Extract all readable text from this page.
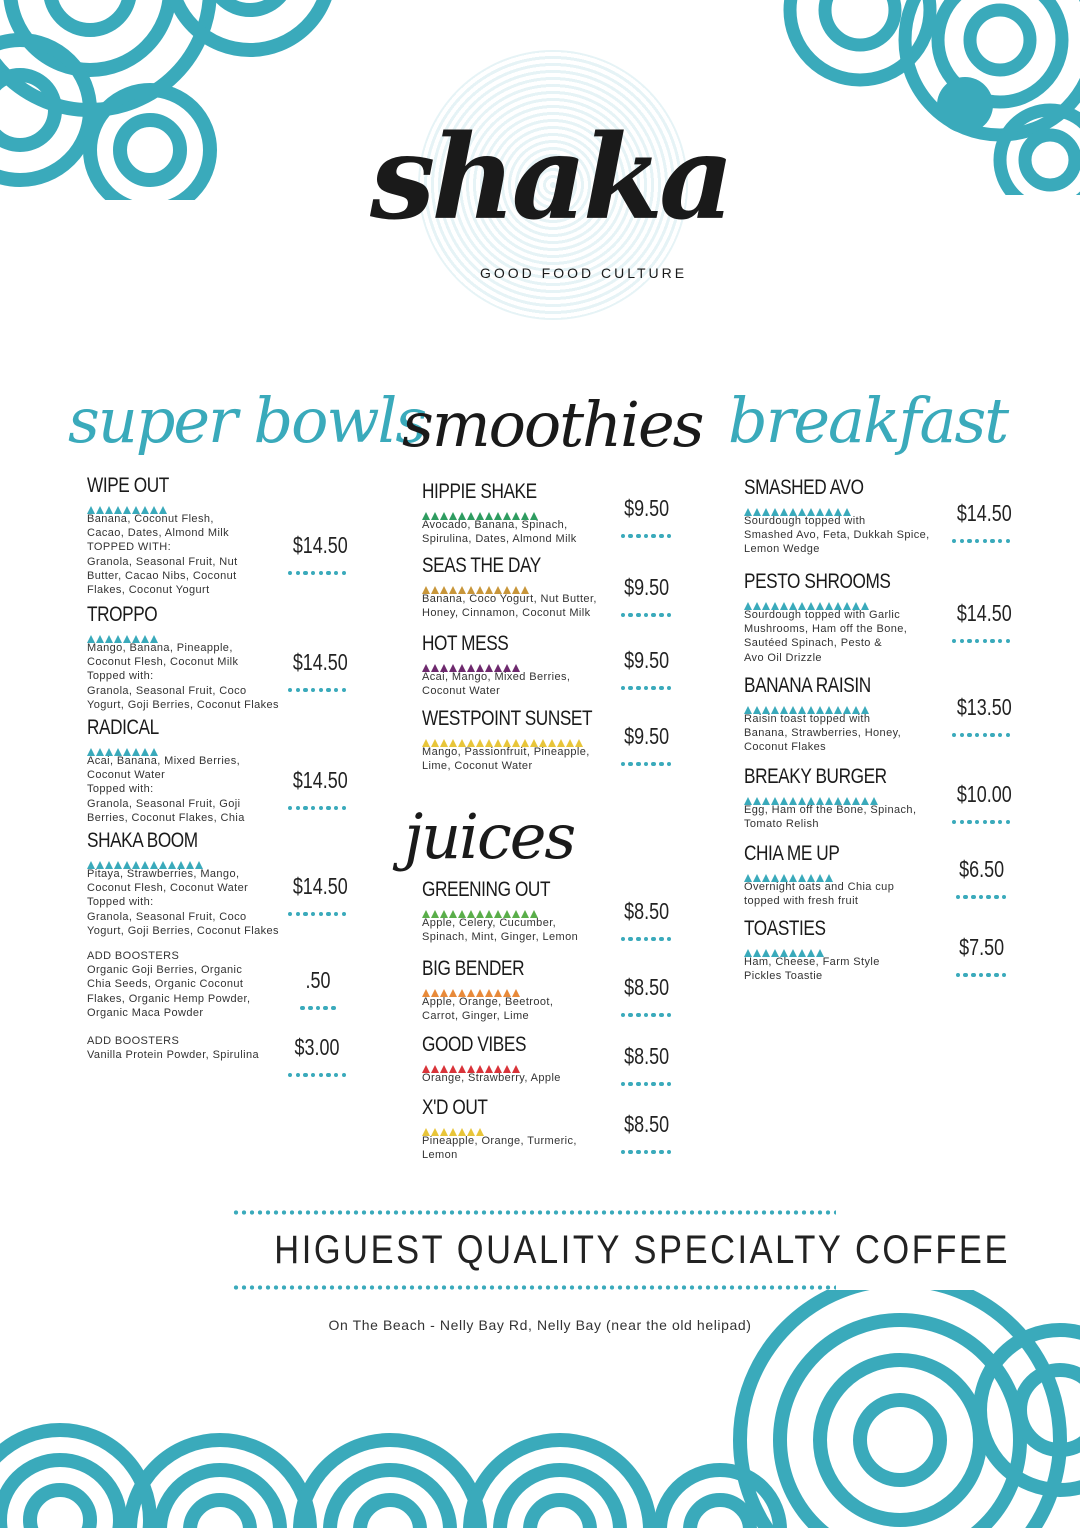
shaka
GOOD FOOD CULTURE
super bowls
smoothies
juices
breakfast
WIPE OUT
Banana, Coconut Flesh,
Cacao, Dates, Almond Milk
TOPPED WITH:
Granola, Seasonal Fruit, Nut
Butter, Cacao Nibs, Coconut
Flakes, Coconut Yogurt
$14.50
TROPPO
Mango, Banana, Pineapple,
Coconut Flesh, Coconut Milk
Topped with:
Granola, Seasonal Fruit, Coco
Yogurt, Goji Berries, Coconut Flakes
$14.50
RADICAL
Acai, Banana, Mixed Berries,
Coconut Water
Topped with:
Granola, Seasonal Fruit, Goji
Berries, Coconut Flakes, Chia
$14.50
SHAKA BOOM
Pitaya, Strawberries, Mango,
Coconut Flesh, Coconut Water
Topped with:
Granola, Seasonal Fruit, Coco
Yogurt, Goji Berries, Coconut Flakes
$14.50
ADD BOOSTERS
Organic Goji Berries, Organic
Chia Seeds, Organic Coconut
Flakes, Organic Hemp Powder,
Organic Maca Powder
.50
ADD BOOSTERS
Vanilla Protein Powder, Spirulina $3.00
HIPPIE SHAKE
Avocado, Banana, Spinach,
Spirulina, Dates, Almond Milk
$9.50
SEAS THE DAY
Banana, Coco Yogurt, Nut Butter,
Honey, Cinnamon, Coconut Milk
$9.50
HOT MESS
Acai, Mango, Mixed Berries,
Coconut Water
$9.50
WESTPOINT SUNSET
Mango, Passionfruit, Pineapple,
Lime, Coconut Water
$9.50
GREENING OUT
Apple, Celery, Cucumber,
Spinach, Mint, Ginger, Lemon
$8.50
BIG BENDER
Apple, Orange, Beetroot,
Carrot, Ginger, Lime
$8.50
GOOD VIBES
Orange, Strawberry, Apple
$8.50
X'D OUT
Pineapple, Orange, Turmeric,
Lemon
$8.50
SMASHED AVO
Sourdough topped with
Smashed Avo, Feta, Dukkah Spice,
Lemon Wedge
$14.50
PESTO SHROOMS
Sourdough topped with Garlic
Mushrooms, Ham off the Bone,
Sautéed Spinach, Pesto &
Avo Oil Drizzle
$14.50
BANANA RAISIN
Raisin toast topped with
Banana, Strawberries, Honey,
Coconut Flakes
$13.50
BREAKY BURGER
Egg, Ham off the Bone, Spinach,
Tomato Relish
$10.00
CHIA ME UP
Overnight oats and Chia cup
topped with fresh fruit
$6.50
TOASTIES
Ham, Cheese, Farm Style
Pickles Toastie
$7.50
HIGUEST QUALITY SPECIALTY COFFEE
On The Beach - Nelly Bay Rd, Nelly Bay (near the old helipad)
